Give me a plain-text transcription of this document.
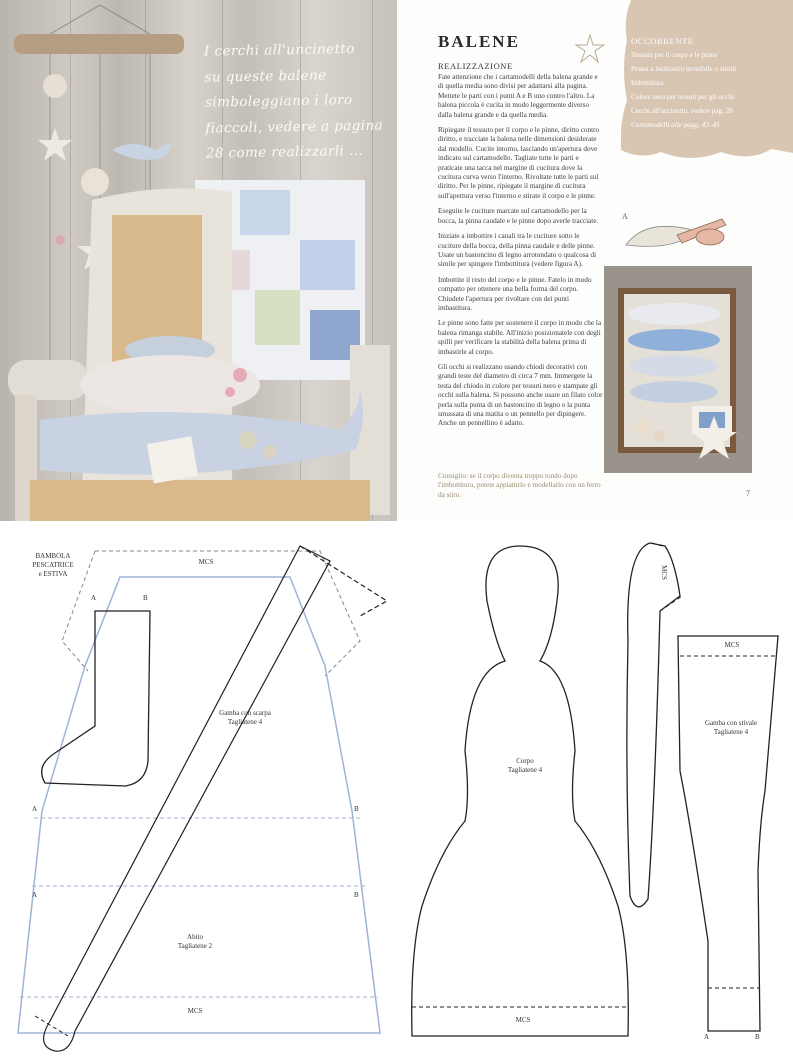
I cerchi all'uncinetto
su queste balene
simboleggiano i loro
fiaccoli, vedere a pagina
28 come realizzarli ...
BALENE
REALIZZAZIONE

Fate attenzione che i cartamodelli della balena grande e di quella media sono divisi per adattarsi alla pagina. Mettete le parti con i punti A e B uno contro l'altro. La balena piccola è cucita in modo leggermente diverso dalla balena grande e da quella media.

Ripiegate il tessuto per il corpo e le pinne, diritto contro diritto, e tracciate la balena nelle dimensioni desiderate dal modello. Cucite intorno, lasciando un'apertura dove indicato sul cartamodello. Tagliate tutte le parti e praticate una tacca nel margine di cucitura dove la cucitura curva verso l'interno. Rivoltate tutte le parti sul diritto. Per le pinne, ripiegate il margine di cucitura sull'apertura verso l'interno e stirate il corpo e le pinne.

Eseguite le cuciture marcate sul cartamodello per la bocca, la pinna caudale e le pinne dopo averle tracciate.

Iniziate a imbottire i canali tra le cuciture sotto le cuciture della bocca, della pinna caudale e delle pinne. Usate un bastoncino di legno arrotondato o qualcosa di simile per spingere l'imbottitura (vedere figura A).

Imbottite il resto del corpo e le pinne. Fatelo in modo compatto per ottenere una bella forma del corpo. Chiudete l'apertura per rivoltare con dei punti imbastitura.

Le pinne sono fatte per sostenere il corpo in modo che la balena rimanga stabile. All'inizio posizionatele con degli spilli per verificare la stabilità della balena prima di imbastirle al corpo.

Gli occhi si realizzano usando chiodi decorativi con grandi teste del diametro di circa 7 mm. Immergete la testa del chiodo in colore per tessuti nero e stampate gli occhi sulla balena. Si possono anche usare un filato color perla sulla punta di un bastoncino di legno o la punta smussata di una matita o un pennello per dipingere. Anche un pennellino è adatto.

Consiglio: se il corpo diventa troppo tondo dopo l'imbottitura, potete appiattirlo e modellarlo con un ferro da stiro.	7
OCCORRENTE
Tessuto per il corpo e le pinne
Penna a inchiostro invisibile o simili
Imbottitura
Colore nero per tessuti per gli occhi
Cerchi all'uncinetto, vedere pag. 28
Cartamodelli alle pagg. 42–45
A
BAMBOLA
PESCATRICE
e ESTIVA
MCS
A	B
Gamba con scarpa
Tagliatene 4
A	B
A	B
Abito
Tagliatene 2
MCS
Corpo
Tagliatene 4
MCS
MCS
MCS
Gamba con stivale
Tagliatene 4
A	B
